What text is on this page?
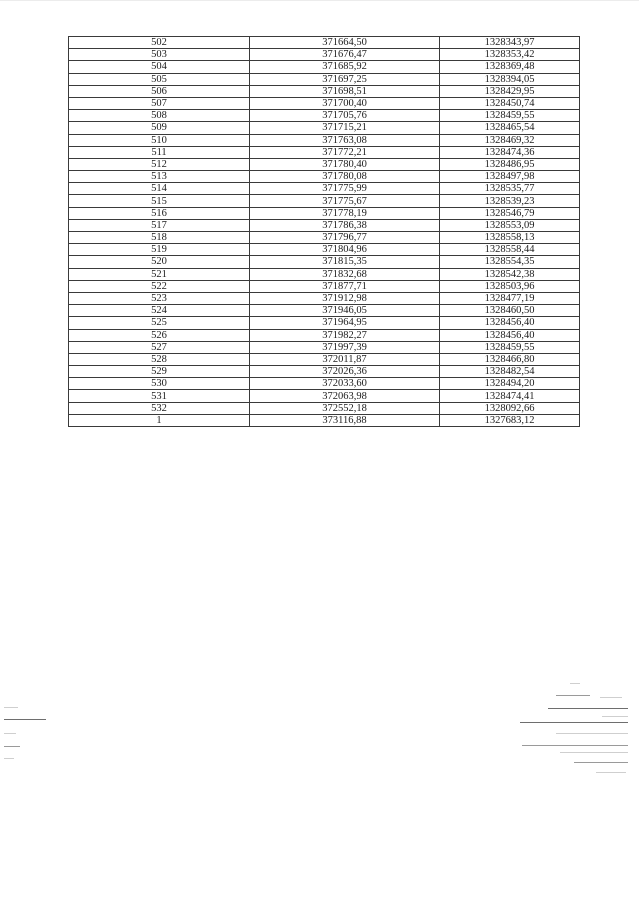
502	371664,50	1328343,97
503	371676,47	1328353,42
504	371685,92	1328369,48
505	371697,25	1328394,05
506	371698,51	1328429,95
507	371700,40	1328450,74
508	371705,76	1328459,55
509	371715,21	1328465,54
510	371763,08	1328469,32
511	371772,21	1328474,36
512	371780,40	1328486,95
513	371780,08	1328497,98
514	371775,99	1328535,77
515	371775,67	1328539,23
516	371778,19	1328546,79
517	371786,38	1328553,09
518	371796,77	1328558,13
519	371804,96	1328558,44
520	371815,35	1328554,35
521	371832,68	1328542,38
522	371877,71	1328503,96
523	371912,98	1328477,19
524	371946,05	1328460,50
525	371964,95	1328456,40
526	371982,27	1328456,40
527	371997,39	1328459,55
528	372011,87	1328466,80
529	372026,36	1328482,54
530	372033,60	1328494,20
531	372063,98	1328474,41
532	372552,18	1328092,66
1	373116,88	1327683,12
